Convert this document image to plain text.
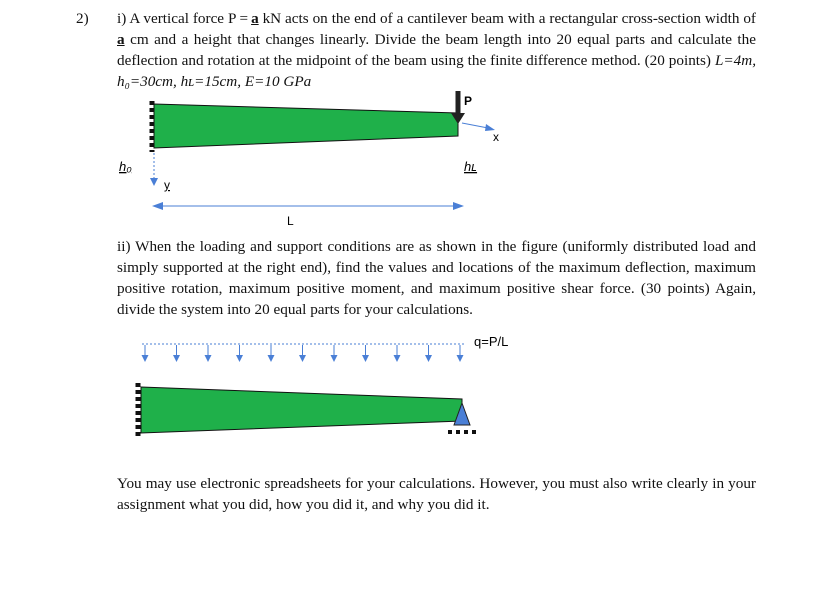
2) i) A vertical force P = a kN acts on the end of a cantilever beam with a rectangular cross-section width of a cm and a height that changes linearly. Divide the beam length into 20 equal parts and calculate the deflection and rotation at the midpoint of the beam using the finite difference method. (20 points) L=4m, h₀=30cm, hʟ=15cm, E=10 GPa
P
x
y
h₀	hʟ
L
q=P/L
ii) When the loading and support conditions are as shown in the figure (uniformly distributed load and simply supported at the right end), find the values and locations of the maximum deflection, maximum positive rotation, maximum positive moment, and maximum positive shear force. (30 points) Again, divide the system into 20 equal parts for your calculations.
You may use electronic spreadsheets for your calculations. However, you must also write clearly in your assignment what you did, how you did it, and why you did it.
